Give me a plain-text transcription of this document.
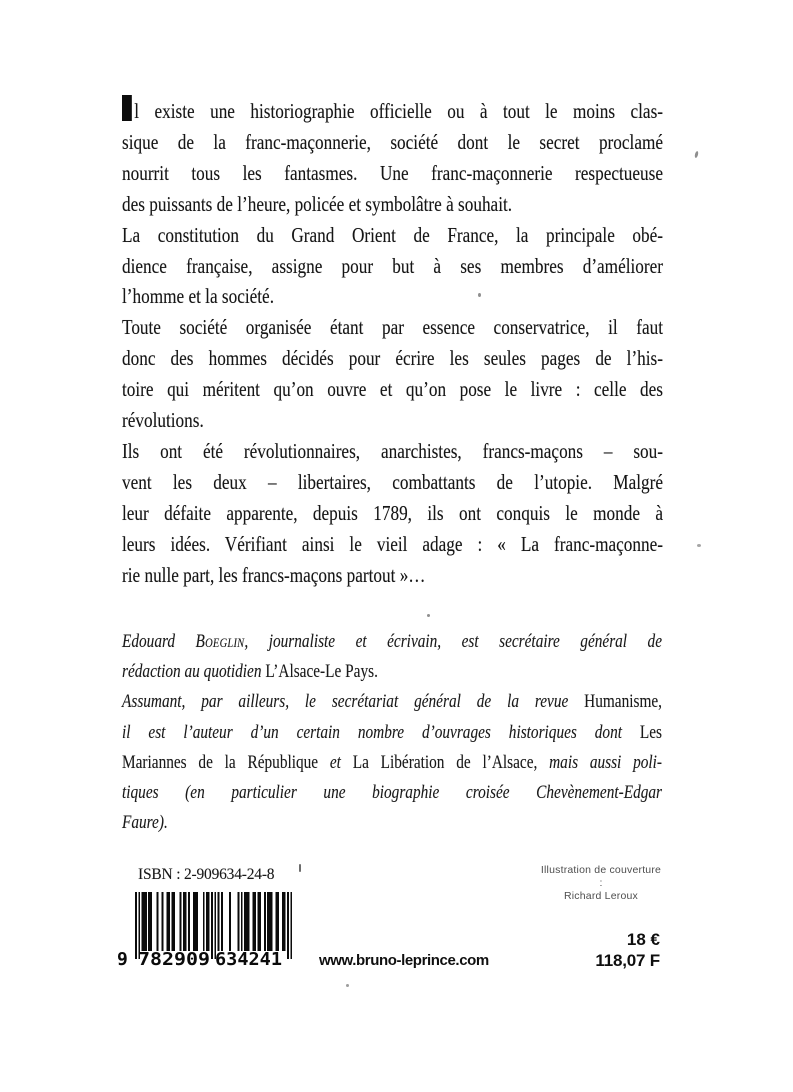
l existe une historiographie officielle ou à tout le moins clas-
sique de la franc-maçonnerie, société dont le secret proclamé
nourrit tous les fantasmes. Une franc-maçonnerie respectueuse
des puissants de l’heure, policée et symbolâtre à souhait.
La constitution du Grand Orient de France, la principale obé-
dience française, assigne pour but à ses membres d’améliorer
l’homme et la société.
Toute société organisée étant par essence conservatrice, il faut
donc des hommes décidés pour écrire les seules pages de l’his-
toire qui méritent qu’on ouvre et qu’on pose le livre : celle des
révolutions.
Ils ont été révolutionnaires, anarchistes, francs-maçons – sou-
vent les deux – libertaires, combattants de l’utopie. Malgré
leur défaite apparente, depuis 1789, ils ont conquis le monde à
leurs idées. Vérifiant ainsi le vieil adage : « La franc-maçonne-
rie nulle part, les francs-maçons partout »…
Edouard Boeglin, journaliste et écrivain, est secrétaire général de
rédaction au quotidien L’Alsace-Le Pays.
Assumant, par ailleurs, le secrétariat général de la revue Humanisme,
il est l’auteur d’un certain nombre d’ouvrages historiques dont Les
Mariannes de la République et La Libération de l’Alsace, mais aussi poli-
tiques (en particulier une biographie croisée Chevènement-Edgar
Faure).
ISBN : 2-909634-24-8
9 782909 634241
Illustration de couverture :
Richard Leroux
www.bruno-leprince.com
18 €
118,07 F
